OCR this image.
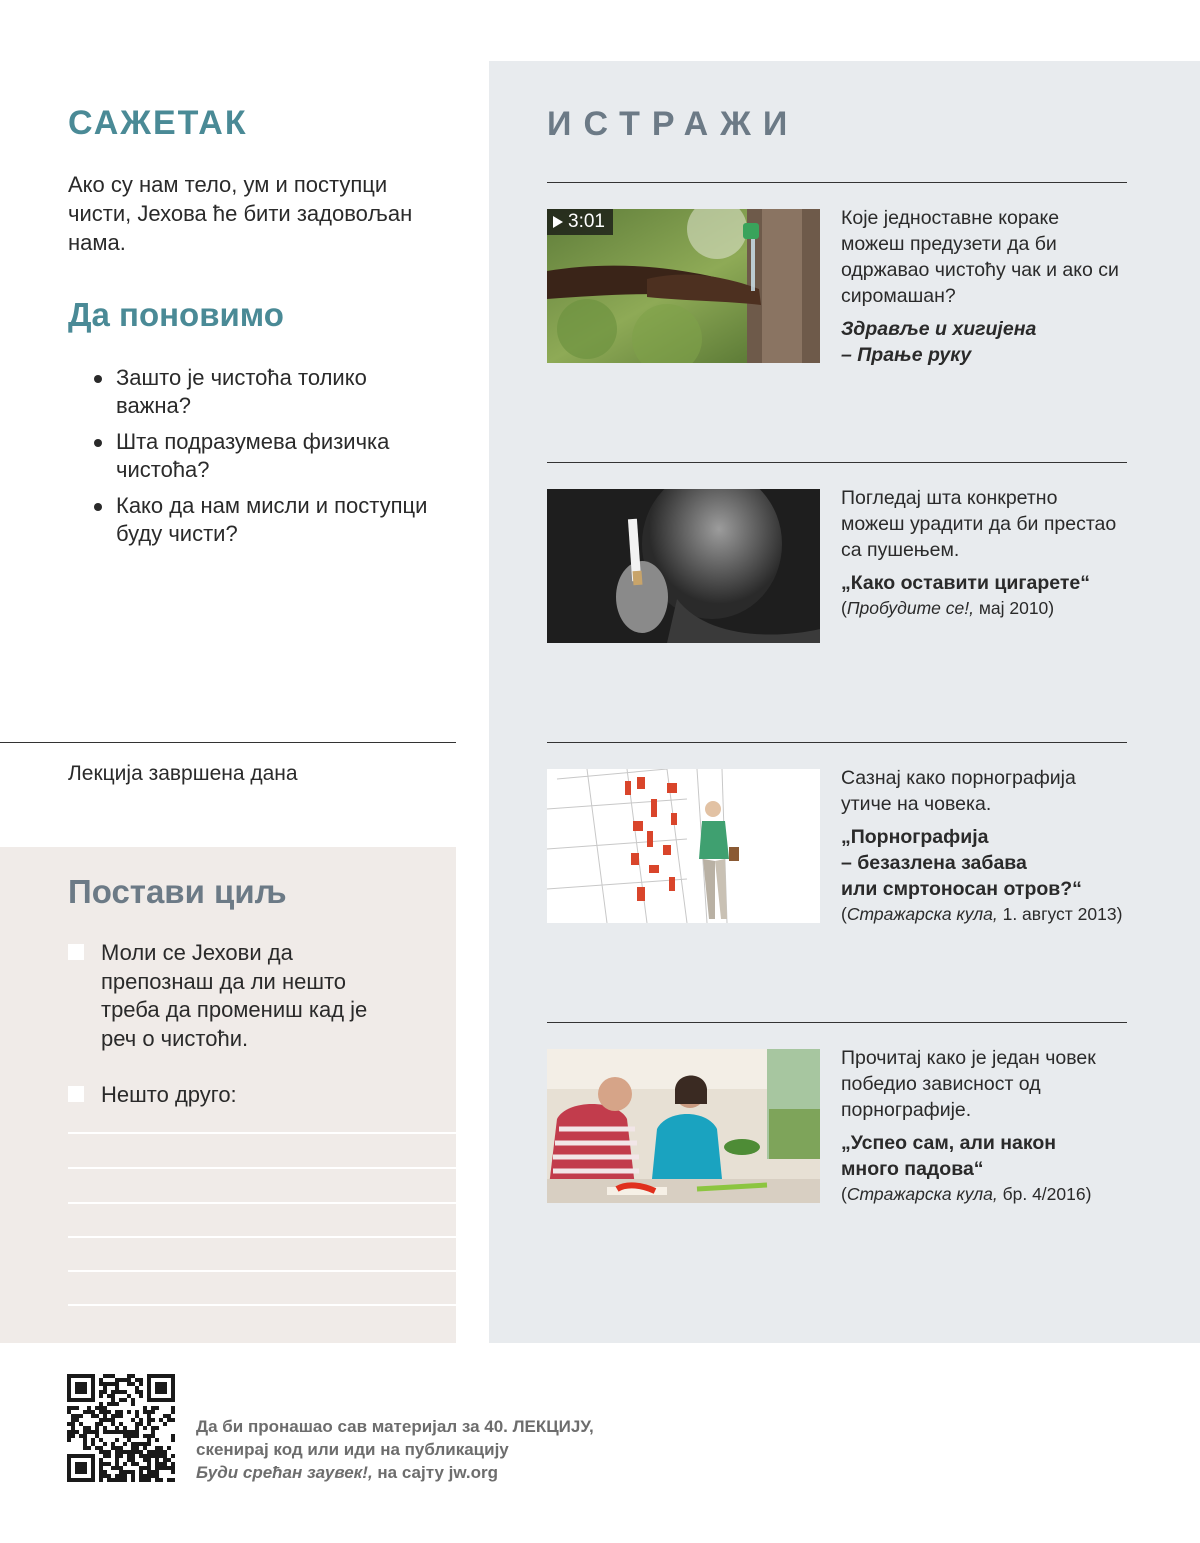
САЖЕТАК

Ако су нам тело, ум и поступци чисти, Јехова ће бити задовољан нама.

Да поновимо
Зашто је чистоћа толико важна?
Шта подразумева физичка чистоћа?
Како да нам мисли и поступци буду чисти?
Лекција завршена дана
Постави циљ
Моли се Јехови да препознаш да ли нешто треба да промениш кад је реч о чистоћи.
Нешто друго:
ИСТРАЖИ
3:01	Које једноставне кораке можеш предузети да би одржавао чистоћу чак и ако си сиромашан?

Здравље и хигијена
– Прање руку

Погледај шта конкретно можеш урадити да би престао са пушењем.

„Како оставити цигарете“

(Пробудите се!, мај 2010)

Сазнај како порнографија утиче на човека.

„Порнографија
– безазлена забава
или смртоносан отров?“

(Стражарска кула, 1. август 2013)

Прочитај како је један човек победио зависност од порнографије.

„Успео сам, али након
много падова“

(Стражарска кула, бр. 4/2016)

Да би пронашао сав материјал за 40. ЛЕКЦИЈУ,
скенирај код или иди на публикацију
Буди срећан заувек!, на сајту jw.org
